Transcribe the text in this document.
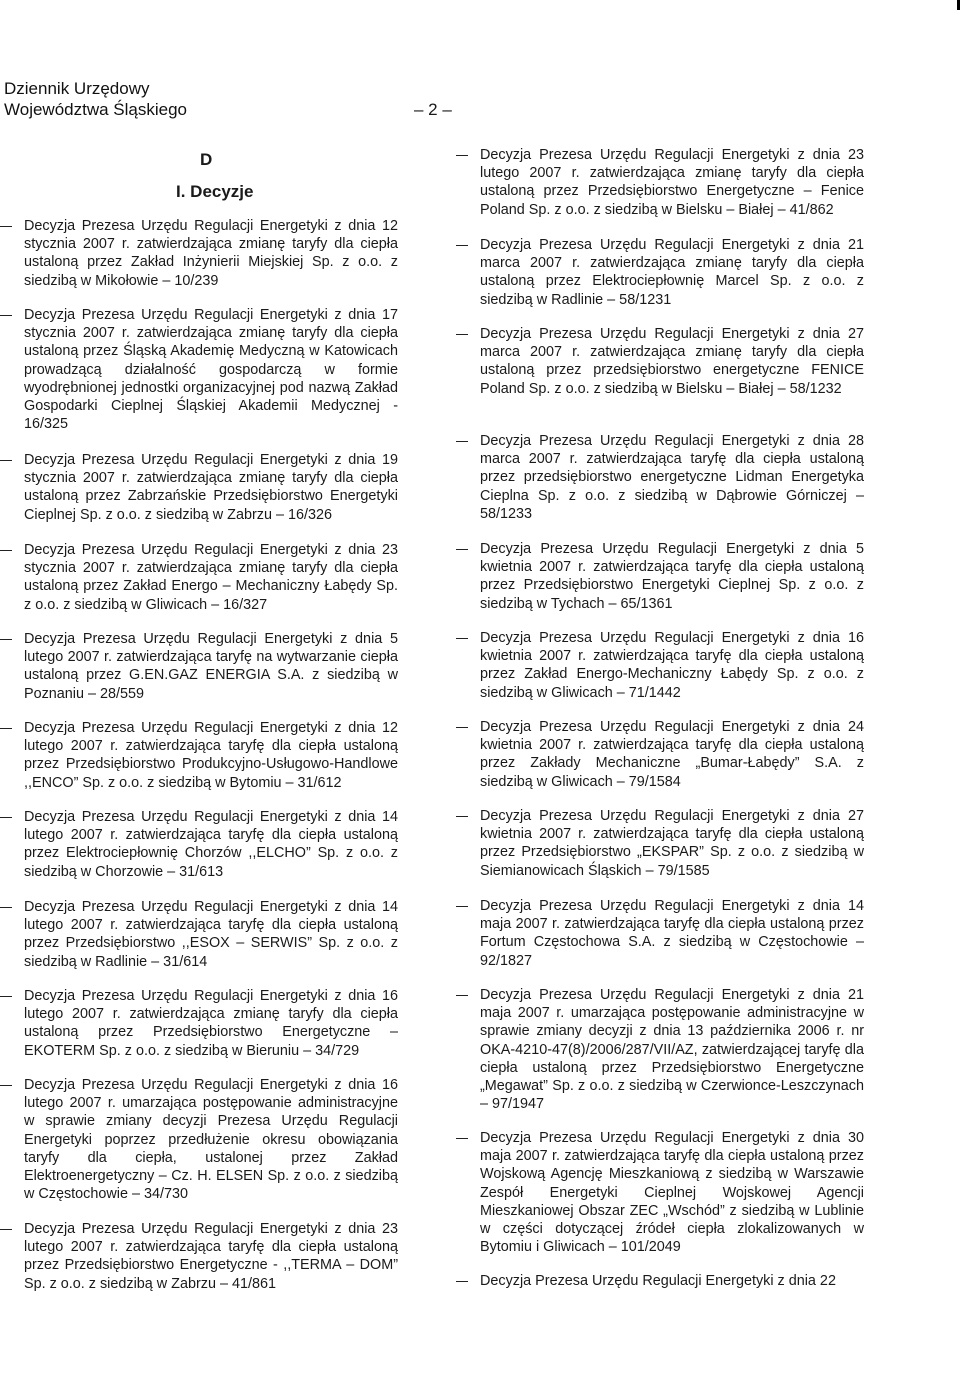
Dziennik Urzędowy
Województwa Śląskiego	– 2 –
D
I. Decyzje
Decyzja Prezesa Urzędu Regulacji Energetyki z dnia 12 stycznia 2007 r. zatwierdzająca zmianę taryfy dla ciepła ustaloną przez Zakład Inżynierii Miejskiej Sp. z o.o. z siedzibą w Mikołowie – 10/239
Decyzja Prezesa Urzędu Regulacji Energetyki z dnia 17 stycznia 2007 r. zatwierdzająca zmianę taryfy dla ciepła ustaloną przez Śląską Akademię Medyczną w Katowicach prowadzącą działalność gospodarczą w formie wyodrębnionej jednostki organizacyjnej pod nazwą Zakład Gospodarki Cieplnej Śląskiej Akademii Medycznej - 16/325
Decyzja Prezesa Urzędu Regulacji Energetyki z dnia 19 stycznia 2007 r. zatwierdzająca zmianę taryfy dla ciepła ustaloną przez Zabrzańskie Przedsiębiorstwo Energetyki Cieplnej Sp. z o.o. z siedzibą w Zabrzu – 16/326
Decyzja Prezesa Urzędu Regulacji Energetyki z dnia 23 stycznia 2007 r. zatwierdzająca zmianę taryfy dla ciepła ustaloną przez Zakład Energo – Mechaniczny Łabędy Sp. z o.o. z siedzibą w Gliwicach – 16/327
Decyzja Prezesa Urzędu Regulacji Energetyki z dnia 5 lutego 2007 r. zatwierdzająca taryfę na wytwarzanie ciepła ustaloną przez G.EN.GAZ ENERGIA S.A. z siedzibą w Poznaniu – 28/559
Decyzja Prezesa Urzędu Regulacji Energetyki z dnia 12 lutego 2007 r. zatwierdzająca taryfę dla ciepła ustaloną przez Przedsiębiorstwo Produkcyjno-Usługowo-Handlowe ,,ENCO” Sp. z o.o. z siedzibą w Bytomiu – 31/612
Decyzja Prezesa Urzędu Regulacji Energetyki z dnia 14 lutego 2007 r. zatwierdzająca taryfę dla ciepła ustaloną przez Elektrociepłownię Chorzów ,,ELCHO” Sp. z o.o. z siedzibą w Chorzowie – 31/613
Decyzja Prezesa Urzędu Regulacji Energetyki z dnia 14 lutego 2007 r. zatwierdzająca taryfę dla ciepła ustaloną przez Przedsiębiorstwo ,,ESOX – SERWIS” Sp. z o.o. z siedzibą w Radlinie – 31/614
Decyzja Prezesa Urzędu Regulacji Energetyki z dnia 16 lutego 2007 r. zatwierdzająca zmianę taryfy dla ciepła ustaloną przez Przedsiębiorstwo Energetyczne – EKOTERM Sp. z o.o. z siedzibą w Bieruniu – 34/729
Decyzja Prezesa Urzędu Regulacji Energetyki z dnia 16 lutego 2007 r. umarzająca postępowanie administracyjne w sprawie zmiany decyzji Prezesa Urzędu Regulacji Energetyki poprzez przedłużenie okresu obowiązania taryfy dla ciepła, ustalonej przez Zakład Elektroenergetyczny – Cz. H. ELSEN Sp. z o.o. z siedzibą w Częstochowie – 34/730
Decyzja Prezesa Urzędu Regulacji Energetyki z dnia 23 lutego 2007 r. zatwierdzająca taryfę dla ciepła ustaloną przez Przedsiębiorstwo Energetyczne - ,,TERMA – DOM” Sp. z o.o. z siedzibą w Zabrzu – 41/861
Decyzja Prezesa Urzędu Regulacji Energetyki z dnia 23 lutego 2007 r. zatwierdzająca zmianę taryfy dla ciepła ustaloną przez Przedsiębiorstwo Energetyczne – Fenice Poland Sp. z o.o. z siedzibą w Bielsku – Białej – 41/862
Decyzja Prezesa Urzędu Regulacji Energetyki z dnia 21 marca 2007 r. zatwierdzająca zmianę taryfy dla ciepła ustaloną przez Elektrociepłownię Marcel Sp. z o.o. z siedzibą w Radlinie – 58/1231
Decyzja Prezesa Urzędu Regulacji Energetyki z dnia 27 marca 2007 r. zatwierdzająca zmianę taryfy dla ciepła ustaloną przez przedsiębiorstwo energetyczne FENICE Poland Sp. z o.o. z siedzibą w Bielsku – Białej – 58/1232
Decyzja Prezesa Urzędu Regulacji Energetyki z dnia 28 marca 2007 r. zatwierdzająca taryfę dla ciepła ustaloną przez przedsiębiorstwo energetyczne Lidman Energetyka Cieplna Sp. z o.o. z siedzibą w Dąbrowie Górniczej – 58/1233
Decyzja Prezesa Urzędu Regulacji Energetyki z dnia 5 kwietnia 2007 r. zatwierdzająca taryfę dla ciepła ustaloną przez Przedsiębiorstwo Energetyki Cieplnej Sp. z o.o. z siedzibą w Tychach – 65/1361
Decyzja Prezesa Urzędu Regulacji Energetyki z dnia 16 kwietnia 2007 r. zatwierdzająca taryfę dla ciepła ustaloną przez Zakład Energo-Mechaniczny Łabędy Sp. z o.o. z siedzibą w Gliwicach – 71/1442
Decyzja Prezesa Urzędu Regulacji Energetyki z dnia 24 kwietnia 2007 r. zatwierdzająca taryfę dla ciepła ustaloną przez Zakłady Mechaniczne „Bumar-Łabędy” S.A. z siedzibą w Gliwicach – 79/1584
Decyzja Prezesa Urzędu Regulacji Energetyki z dnia 27 kwietnia 2007 r. zatwierdzająca taryfę dla ciepła ustaloną przez Przedsiębiorstwo „EKSPAR” Sp. z o.o. z siedzibą w Siemianowicach Śląskich – 79/1585
Decyzja Prezesa Urzędu Regulacji Energetyki z dnia 14 maja 2007 r. zatwierdzająca taryfę dla ciepła ustaloną przez Fortum Częstochowa S.A. z siedzibą w Częstochowie – 92/1827
Decyzja Prezesa Urzędu Regulacji Energetyki z dnia 21 maja 2007 r. umarzająca postępowanie administracyjne w sprawie zmiany decyzji z dnia 13 października 2006 r. nr OKA-4210-47(8)/2006/287/VII/AZ, zatwierdzającej taryfę dla ciepła ustaloną przez Przedsiębiorstwo Energetyczne „Megawat” Sp. z o.o. z siedzibą w Czerwionce-Leszczynach – 97/1947
Decyzja Prezesa Urzędu Regulacji Energetyki z dnia 30 maja 2007 r. zatwierdzająca taryfę dla ciepła ustaloną przez Wojskową Agencję Mieszkaniową z siedzibą w Warszawie Zespół Energetyki Cieplnej Wojskowej Agencji Mieszkaniowej Obszar ZEC „Wschód” z siedzibą w Lublinie w części dotyczącej źródeł ciepła zlokalizowanych w Bytomiu i Gliwicach – 101/2049
Decyzja Prezesa Urzędu Regulacji Energetyki z dnia 22
